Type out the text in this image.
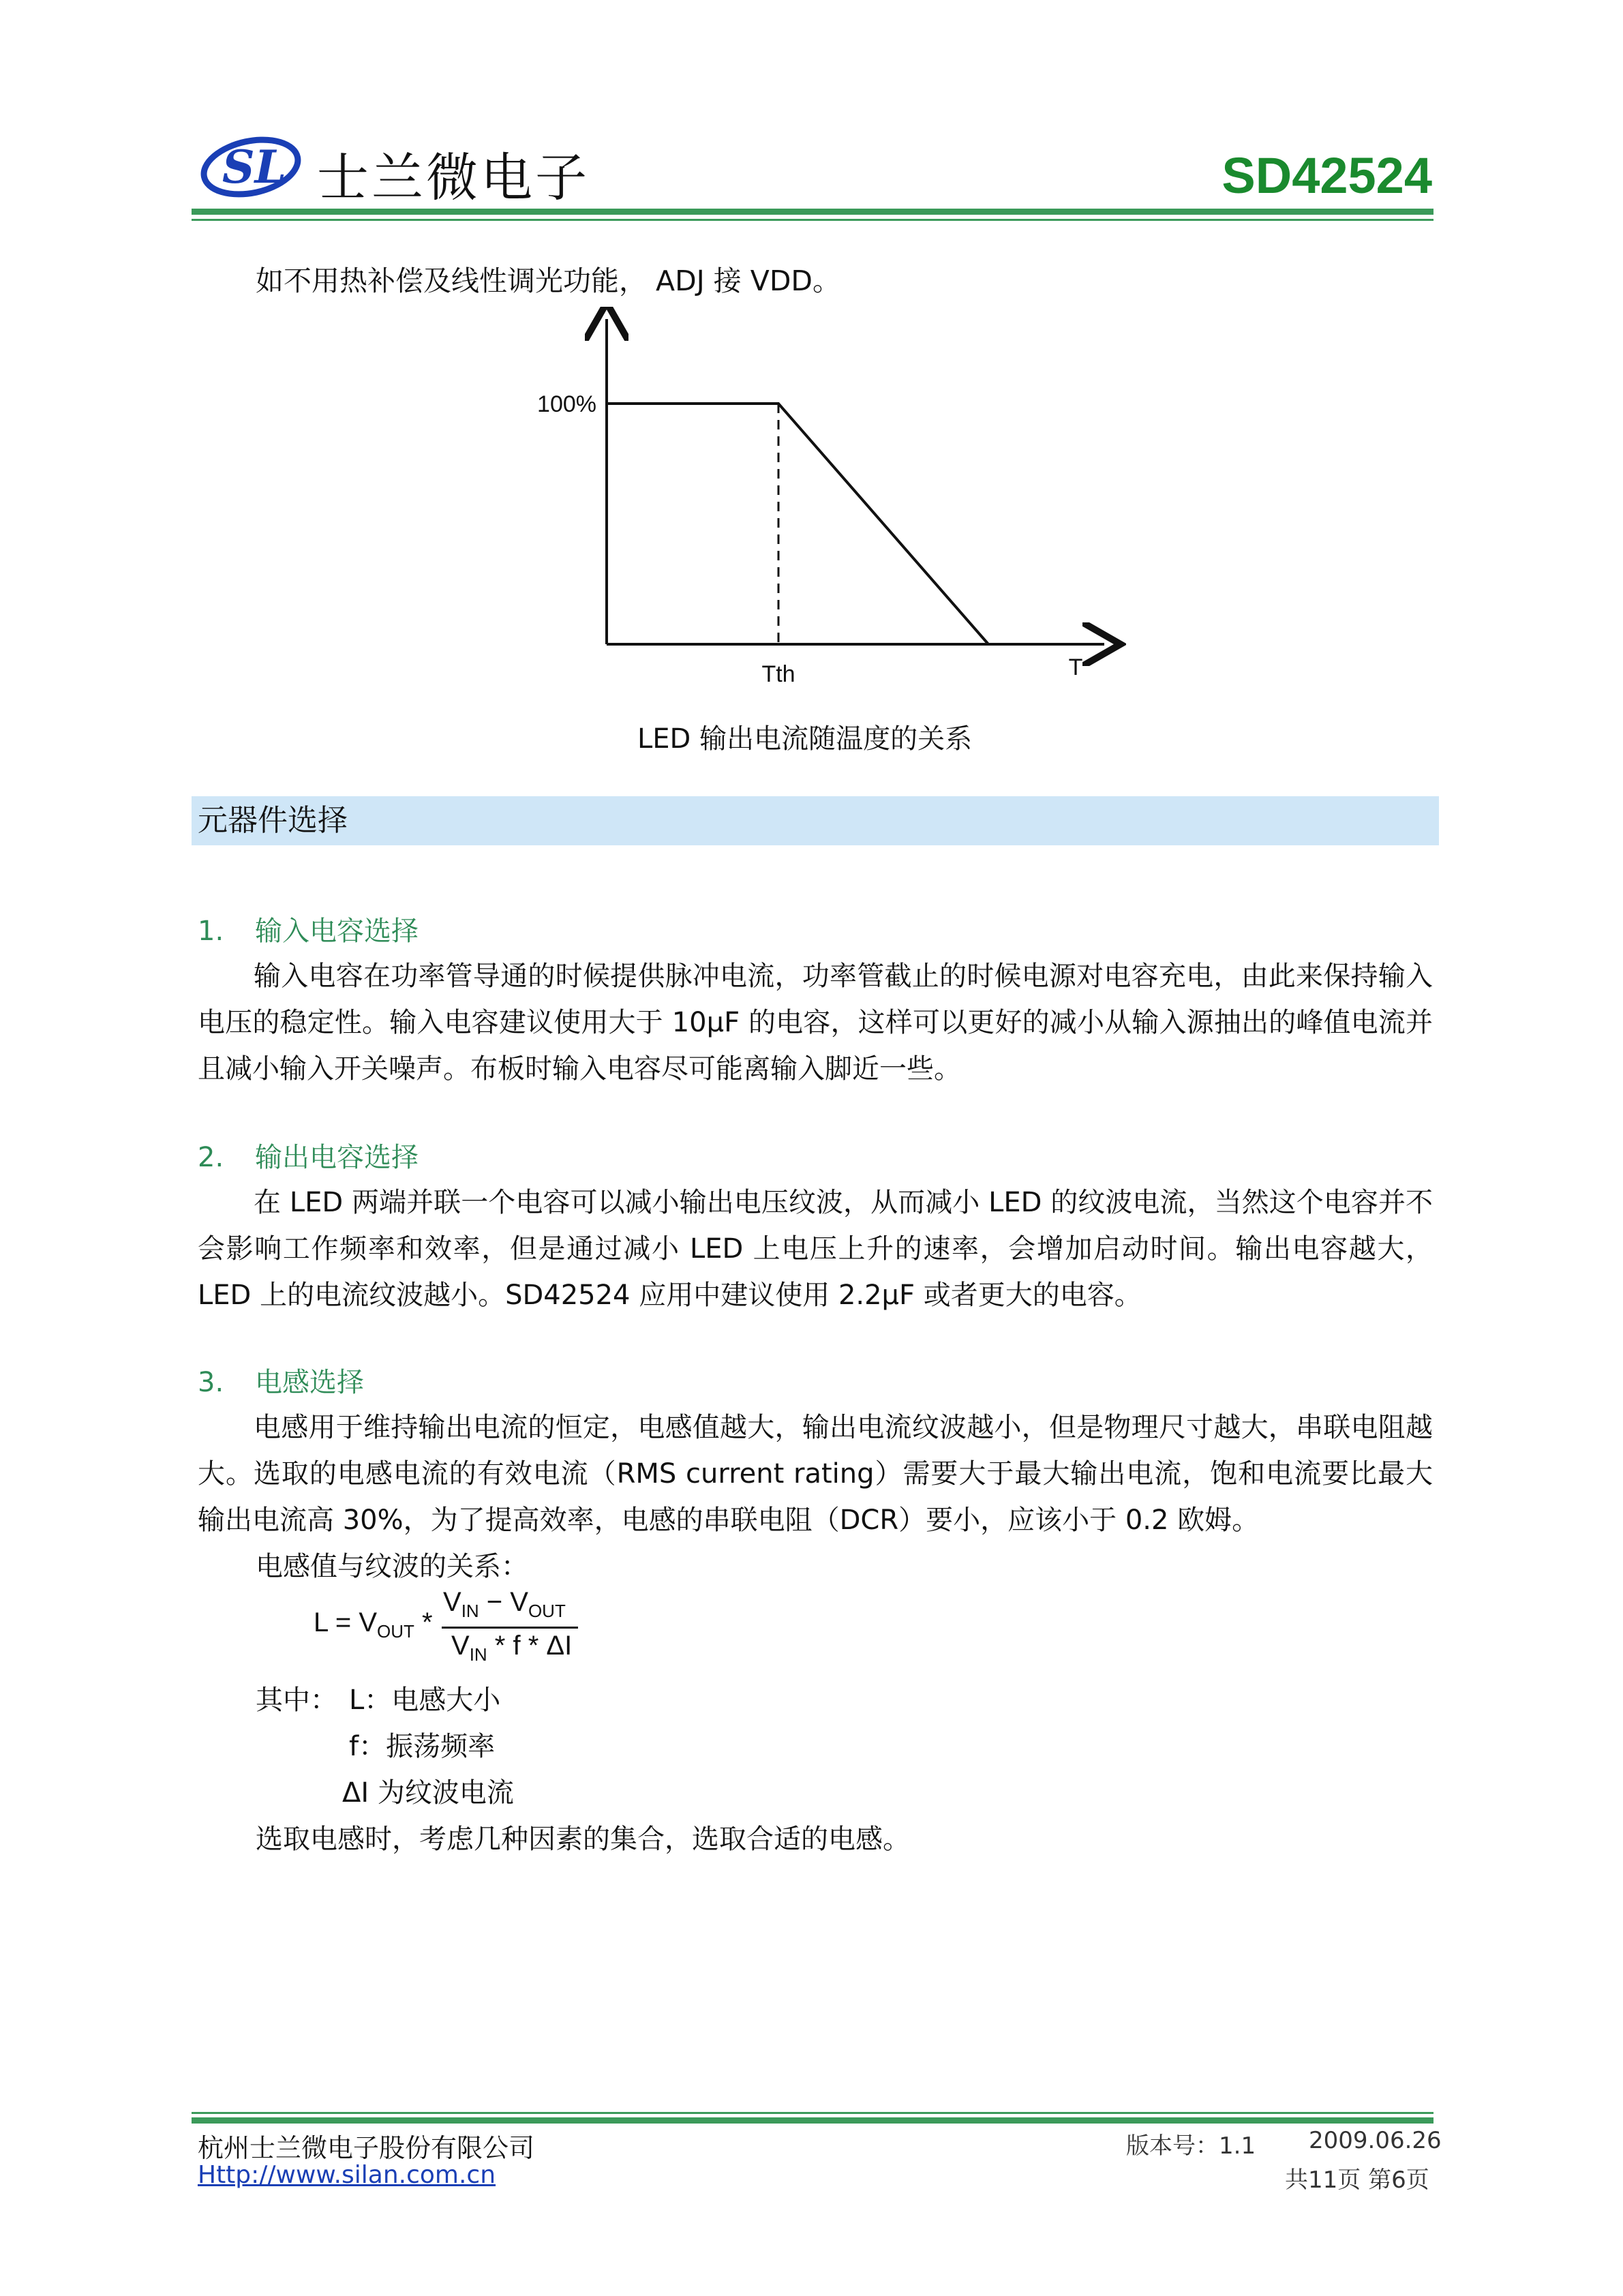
SL 士兰微电子	SD42524
如不用热补偿及线性调光功能， ADJ 接 VDD。
100%
Tth	T
LED 输出电流随温度的关系
元器件选择
1. 输入电容选择
输入电容在功率管导通的时候提供脉冲电流，功率管截止的时候电源对电容充电，由此来保持输入电压的稳定性。输入电容建议使用大于 10μF 的电容，这样可以更好的减小从输入源抽出的峰值电流并且减小输入开关噪声。布板时输入电容尽可能离输入脚近一些。
2. 输出电容选择
在 LED 两端并联一个电容可以减小输出电压纹波，从而减小 LED 的纹波电流，当然这个电容并不会影响工作频率和效率，但是通过减小 LED 上电压上升的速率，会增加启动时间。输出电容越大，LED 上的电流纹波越小。SD42524 应用中建议使用 2.2μF 或者更大的电容。
3. 电感选择
电感用于维持输出电流的恒定，电感值越大，输出电流纹波越小，但是物理尺寸越大，串联电阻越大。选取的电感电流的有效电流（RMS current rating）需要大于最大输出电流，饱和电流要比最大输出电流高 30%，为了提高效率，电感的串联电阻（DCR）要小，应该小于 0.2 欧姆。
电感值与纹波的关系：
$L = V_{OUT}$ *
$V_{IN} - V_{OUT}$
$V_{IN}$ * f * ΔI
其中： L：电感大小
f：振荡频率
ΔI 为纹波电流
选取电感时，考虑几种因素的集合，选取合适的电感。
杭州士兰微电子股份有限公司
Http://www.silan.com.cn
版本号：1.1 2009.06.26
共11页 第6页
